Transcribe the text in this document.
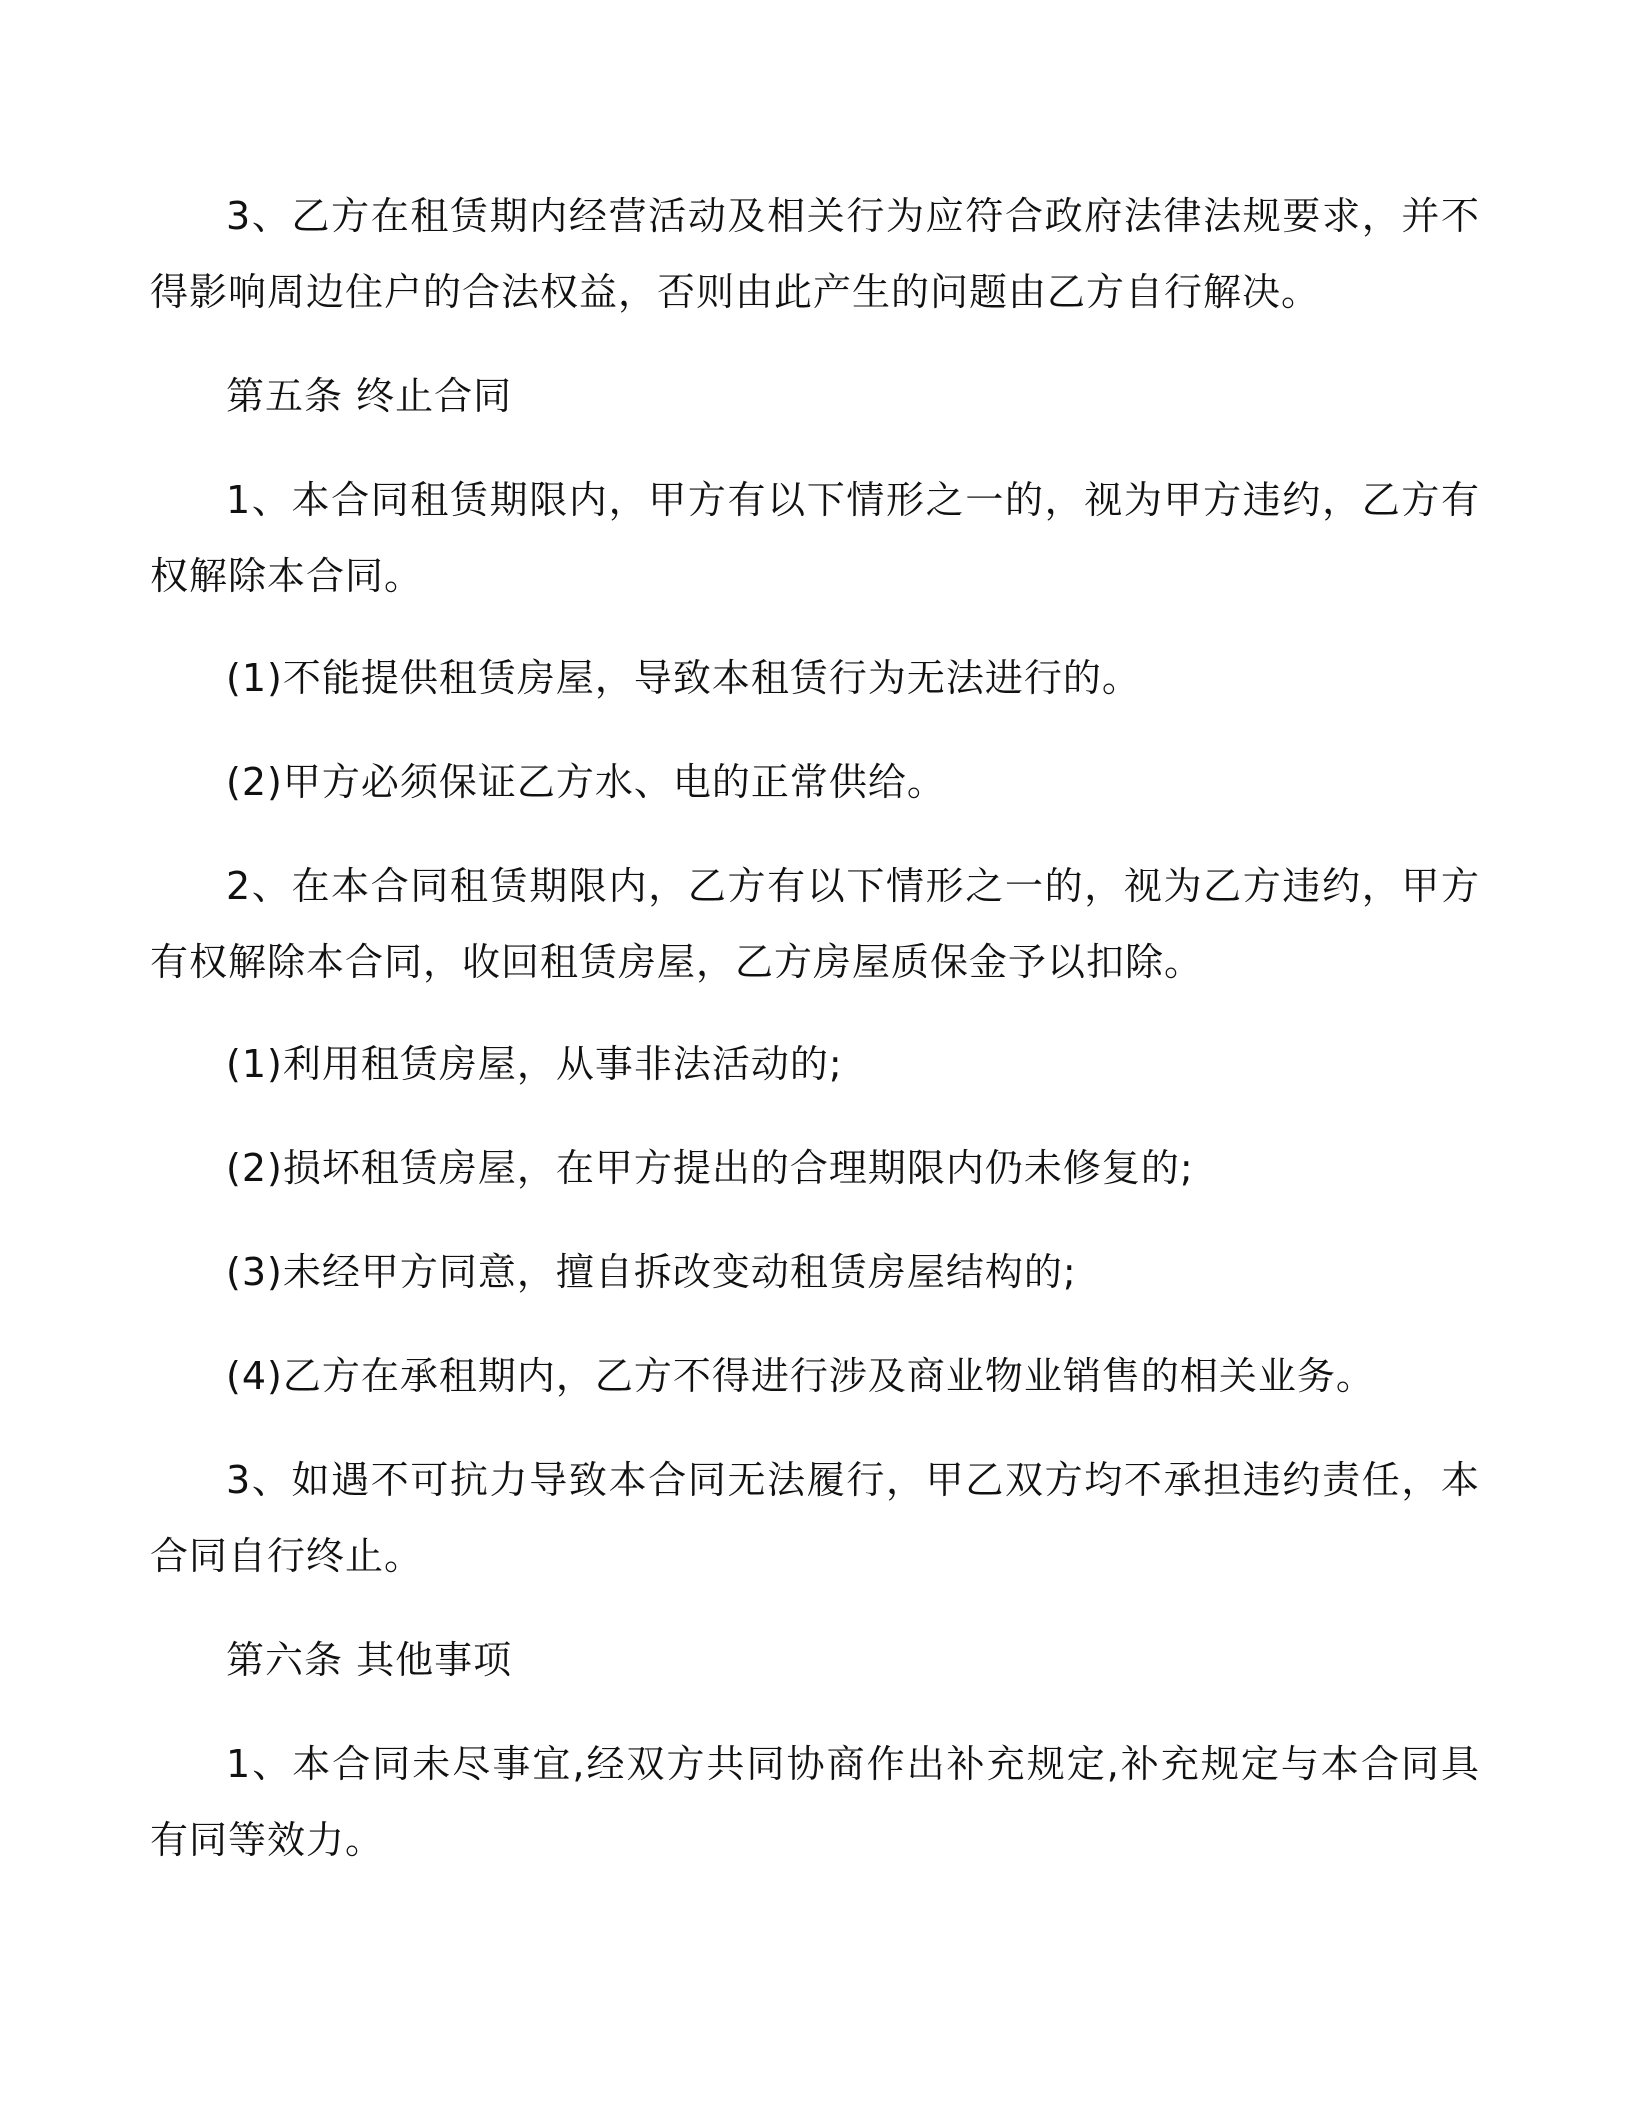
3、乙方在租赁期内经营活动及相关行为应符合政府法律法规要求，并不得影响周边住户的合法权益，否则由此产生的问题由乙方自行解决。

第五条 终止合同

1、本合同租赁期限内，甲方有以下情形之一的，视为甲方违约，乙方有权解除本合同。

(1)不能提供租赁房屋，导致本租赁行为无法进行的。

(2)甲方必须保证乙方水、电的正常供给。

2、在本合同租赁期限内，乙方有以下情形之一的，视为乙方违约，甲方有权解除本合同，收回租赁房屋，乙方房屋质保金予以扣除。

(1)利用租赁房屋，从事非法活动的;

(2)损坏租赁房屋，在甲方提出的合理期限内仍未修复的;

(3)未经甲方同意，擅自拆改变动租赁房屋结构的;

(4)乙方在承租期内，乙方不得进行涉及商业物业销售的相关业务。

3、如遇不可抗力导致本合同无法履行，甲乙双方均不承担违约责任，本合同自行终止。

第六条 其他事项

1、本合同未尽事宜,经双方共同协商作出补充规定,补充规定与本合同具有同等效力。
